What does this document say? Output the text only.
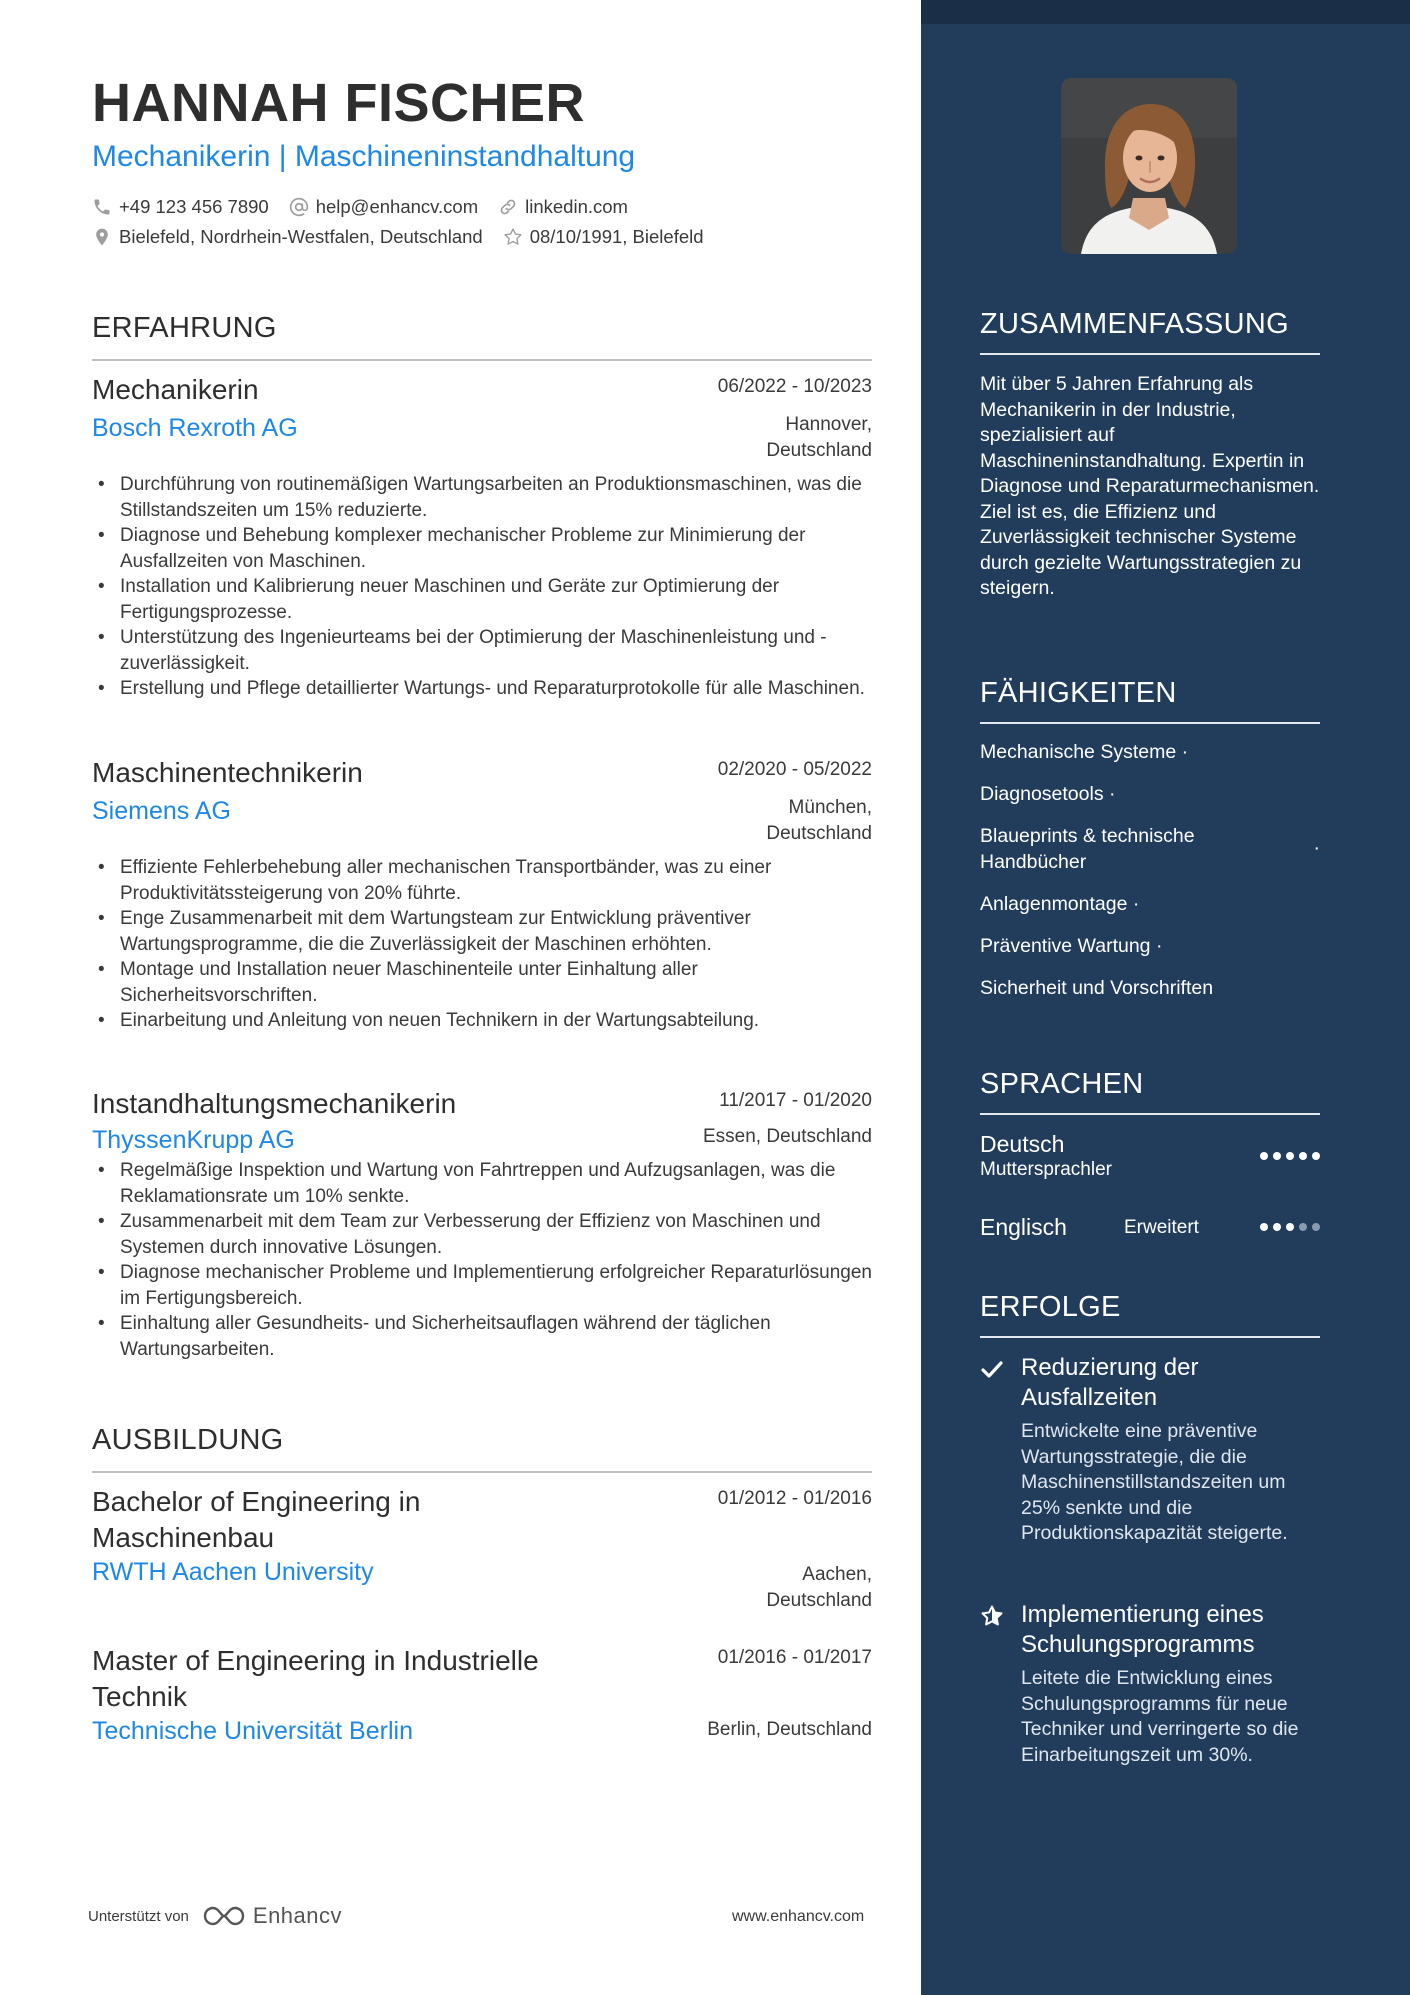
HANNAH FISCHER
Mechanikerin | Maschineninstandhaltung
+49 123 456 7890	help@enhancv.com	linkedin.com
Bielefeld, Nordrhein-Westfalen, Deutschland	08/10/1991, Bielefeld
ERFAHRUNG
Mechanikerin	06/2022 - 10/2023
Bosch Rexroth AG	Hannover,
Deutschland
• Durchführung von routinemäßigen Wartungsarbeiten an Produktionsmaschinen, was die Stillstandszeiten um 15% reduzierte.
• Diagnose und Behebung komplexer mechanischer Probleme zur Minimierung der Ausfallzeiten von Maschinen.
• Installation und Kalibrierung neuer Maschinen und Geräte zur Optimierung der Fertigungsprozesse.
• Unterstützung des Ingenieurteams bei der Optimierung der Maschinenleistung und -zuverlässigkeit.
• Erstellung und Pflege detaillierter Wartungs- und Reparaturprotokolle für alle Maschinen.
Maschinentechnikerin	02/2020 - 05/2022
Siemens AG	München,
Deutschland
• Effiziente Fehlerbehebung aller mechanischen Transportbänder, was zu einer Produktivitätssteigerung von 20% führte.
• Enge Zusammenarbeit mit dem Wartungsteam zur Entwicklung präventiver Wartungsprogramme, die die Zuverlässigkeit der Maschinen erhöhten.
• Montage und Installation neuer Maschinenteile unter Einhaltung aller Sicherheitsvorschriften.
• Einarbeitung und Anleitung von neuen Technikern in der Wartungsabteilung.
Instandhaltungsmechanikerin	11/2017 - 01/2020
ThyssenKrupp AG	Essen, Deutschland
• Regelmäßige Inspektion und Wartung von Fahrtreppen und Aufzugsanlagen, was die Reklamationsrate um 10% senkte.
• Zusammenarbeit mit dem Team zur Verbesserung der Effizienz von Maschinen und Systemen durch innovative Lösungen.
• Diagnose mechanischer Probleme und Implementierung erfolgreicher Reparaturlösungen im Fertigungsbereich.
• Einhaltung aller Gesundheits- und Sicherheitsauflagen während der täglichen Wartungsarbeiten.
AUSBILDUNG
Bachelor of Engineering in
Maschinenbau
01/2012 - 01/2016
RWTH Aachen University	Aachen,
Deutschland
Master of Engineering in Industrielle
Technik
01/2016 - 01/2017
Technische Universität Berlin	Berlin, Deutschland
Unterstützt von	Enhancv	www.enhancv.com
ZUSAMMENFASSUNG
Mit über 5 Jahren Erfahrung als Mechanikerin in der Industrie, spezialisiert auf Maschineninstandhaltung. Expertin in Diagnose und Reparaturmechanismen. Ziel ist es, die Effizienz und Zuverlässigkeit technischer Systeme durch gezielte Wartungsstrategien zu steigern.
FÄHIGKEITEN
Mechanische Systeme ·
Diagnosetools ·
Blaueprints & technische Handbücher
·
Anlagenmontage ·
Präventive Wartung ·
Sicherheit und Vorschriften
SPRACHEN
Deutsch
Muttersprachler
Englisch	Erweitert
ERFOLGE
Reduzierung der Ausfallzeiten
Entwickelte eine präventive Wartungsstrategie, die die Maschinenstillstandszeiten um 25% senkte und die Produktionskapazität steigerte.
Implementierung eines Schulungsprogramms
Leitete die Entwicklung eines Schulungsprogramms für neue Techniker und verringerte so die Einarbeitungszeit um 30%.
